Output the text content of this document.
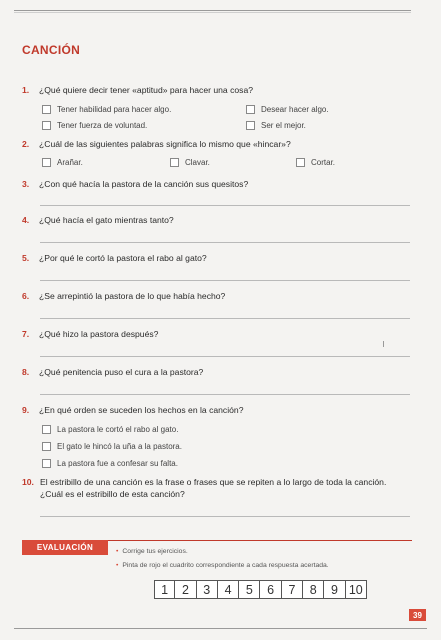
CANCIÓN
1. ¿Qué quiere decir tener «aptitud» para hacer una cosa?
Tener habilidad para hacer algo.	Desear hacer algo.
Tener fuerza de voluntad.	Ser el mejor.
2. ¿Cuál de las siguientes palabras significa lo mismo que «hincar»?
Arañar.	Clavar.	Cortar.
3. ¿Con qué hacía la pastora de la canción sus quesitos?
4. ¿Qué hacía el gato mientras tanto?
5. ¿Por qué le cortó la pastora el rabo al gato?
6. ¿Se arrepintió la pastora de lo que había hecho?
7. ¿Qué hizo la pastora después?
8. ¿Qué penitencia puso el cura a la pastora?
9. ¿En qué orden se suceden los hechos en la canción?
La pastora le cortó el rabo al gato.
El gato le hincó la uña a la pastora.
La pastora fue a confesar su falta.
10. El estribillo de una canción es la frase o frases que se repiten a lo largo de toda la canción. ¿Cuál es el estribillo de esta canción?
EVALUACIÓN	• Corrige tus ejercicios.
• Pinta de rojo el cuadrito correspondiente a cada respuesta acertada.
1	2	3	4	5	6	7	8	9 10
39
